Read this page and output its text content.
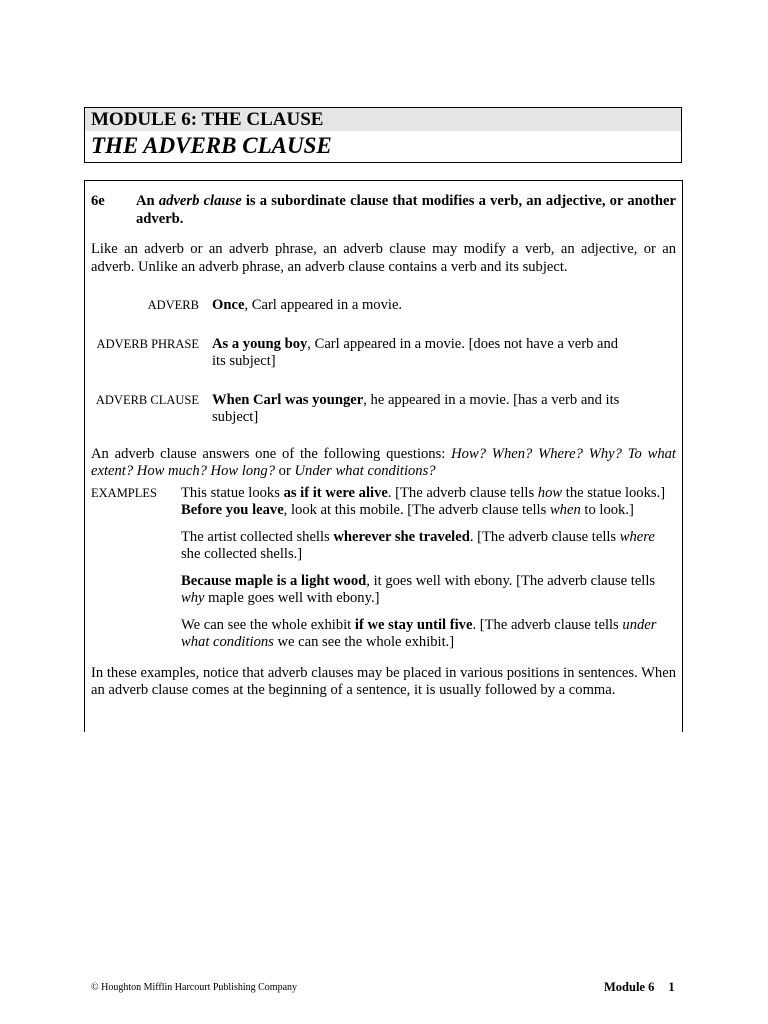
MODULE 6: THE CLAUSE
THE ADVERB CLAUSE
6e	An adverb clause is a subordinate clause that modifies a verb, an adjective, or another adverb.
Like an adverb or an adverb phrase, an adverb clause may modify a verb, an adjective, or an adverb. Unlike an adverb phrase, an adverb clause contains a verb and its subject.
ADVERB Once, Carl appeared in a movie.
ADVERB PHRASE As a young boy, Carl appeared in a movie. [does not have a verb and its subject]
ADVERB CLAUSE When Carl was younger, he appeared in a movie. [has a verb and its subject]
An adverb clause answers one of the following questions: How? When? Where? Why? To what extent? How much? How long? or Under what conditions?
EXAMPLES	This statue looks as if it were alive. [The adverb clause tells how the statue looks.]
Before you leave, look at this mobile. [The adverb clause tells when to look.]
The artist collected shells wherever she traveled. [The adverb clause tells where she collected shells.]
Because maple is a light wood, it goes well with ebony. [The adverb clause tells why maple goes well with ebony.]
We can see the whole exhibit if we stay until five. [The adverb clause tells under what conditions we can see the whole exhibit.]
In these examples, notice that adverb clauses may be placed in various positions in sentences. When an adverb clause comes at the beginning of a sentence, it is usually followed by a comma.
© Houghton Mifflin Harcourt Publishing Company	Module 6 1
